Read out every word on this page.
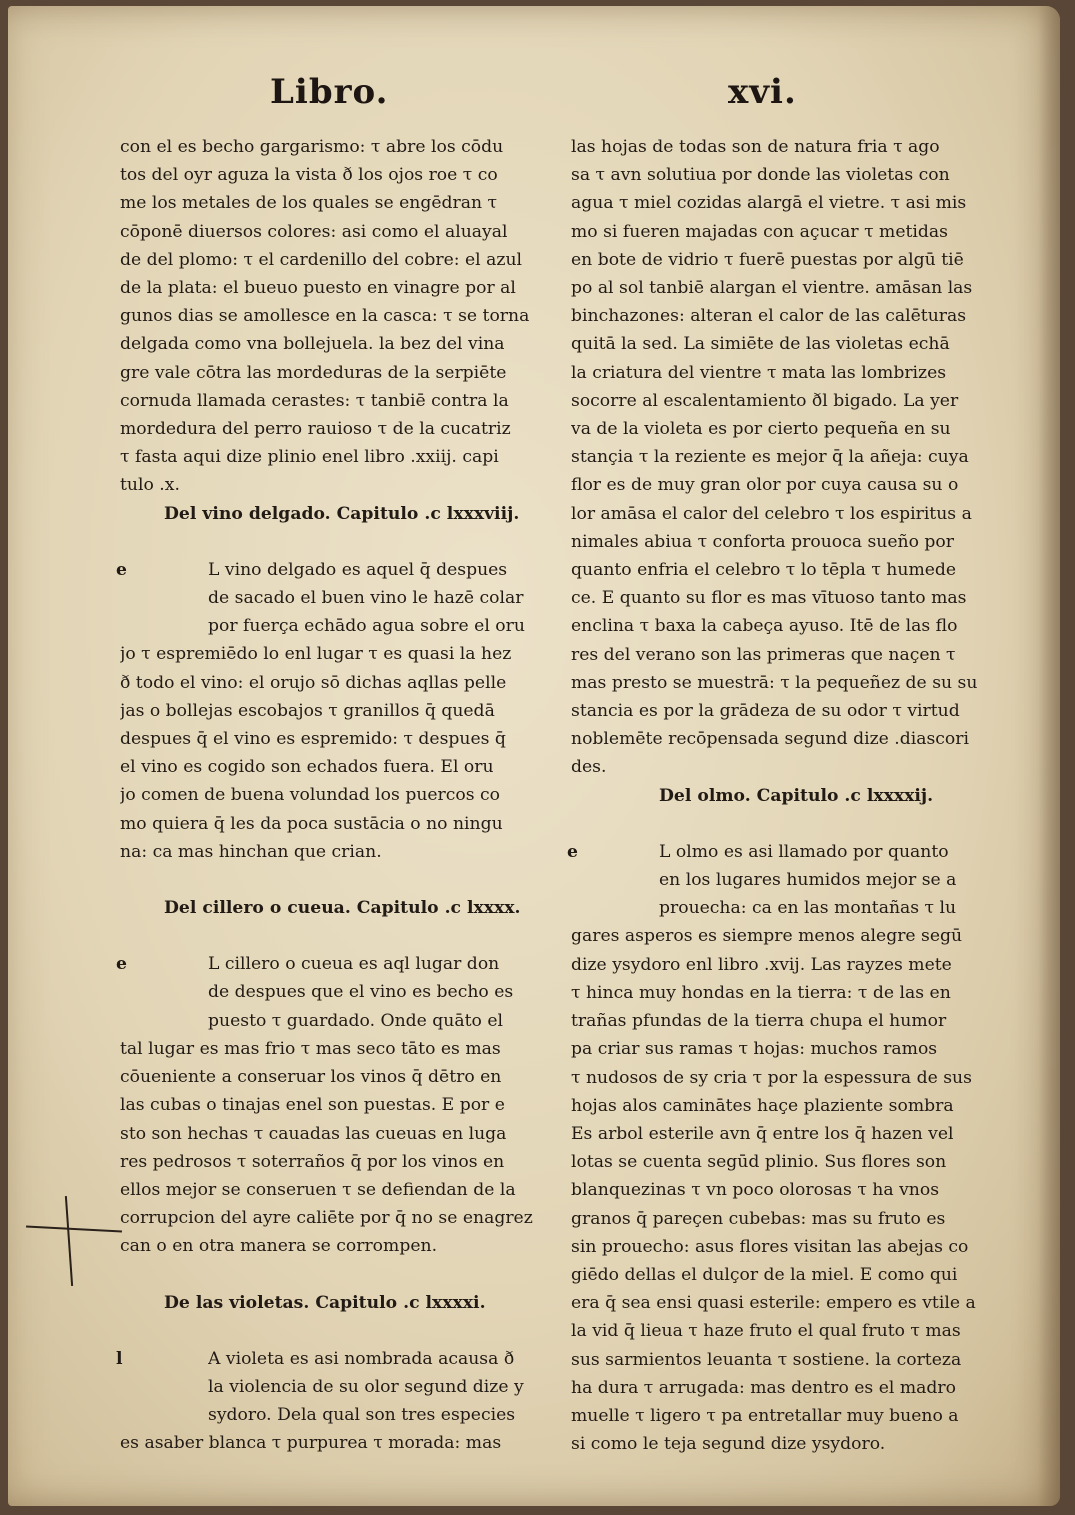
Libro.	xvi.
con el es becho gargarismo: τ abre los cōdu
tos del oyr aguza la vista ð los ojos roe τ co
me los metales de los quales se engēdran τ
cōponē diuersos colores: asi como el aluayal
de del plomo: τ el cardenillo del cobre: el azul
de la plata: el bueuo puesto en vinagre por al
gunos dias se amollesce en la casca: τ se torna
delgada como vna bollejuela. la bez del vina
gre vale cōtra las mordeduras de la serpiēte
cornuda llamada cerastes: τ tanbiē contra la
mordedura del perro rauioso τ de la cucatriz
τ fasta aqui dize plinio enel libro .xxiij. capi
tulo .x.
Del vino delgado. Capitulo .c lxxxviij.
e	L vino delgado es aquel q̄ despues
de sacado el buen vino le hazē colar
por fuerça echādo agua sobre el oru
jo τ espremiēdo lo enl lugar τ es quasi la hez
ð todo el vino: el orujo sō dichas aqllas pelle
jas o bollejas escobajos τ granillos q̄ quedā
despues q̄ el vino es espremido: τ despues q̄
el vino es cogido son echados fuera. El oru
jo comen de buena volundad los puercos co
mo quiera q̄ les da poca sustācia o no ningu
na: ca mas hinchan que crian.
Del cillero o cueua. Capitulo .c lxxxx.
e	L cillero o cueua es aql lugar don
de despues que el vino es becho es
puesto τ guardado. Onde quāto el
tal lugar es mas frio τ mas seco tāto es mas
cōueniente a conseruar los vinos q̄ dētro en
las cubas o tinajas enel son puestas. E por e
sto son hechas τ cauadas las cueuas en luga
res pedrosos τ soterraños q̄ por los vinos en
ellos mejor se conseruen τ se defiendan de la
corrupcion del ayre caliēte por q̄ no se enagrez
can o en otra manera se corrompen.
De las violetas. Capitulo .c lxxxxi.
l	A violeta es asi nombrada acausa ð
la violencia de su olor segund dize y
sydoro. Dela qual son tres especies
es asaber blanca τ purpurea τ morada: mas
las hojas de todas son de natura fria τ ago
sa τ avn solutiua por donde las violetas con
agua τ miel cozidas alargā el vietre. τ asi mis
mo si fueren majadas con açucar τ metidas
en bote de vidrio τ fuerē puestas por algū tiē
po al sol tanbiē alargan el vientre. amāsan las
binchazones: alteran el calor de las calēturas
quitā la sed. La simiēte de las violetas echā
la criatura del vientre τ mata las lombrizes
socorre al escalentamiento ðl bigado. La yer
va de la violeta es por cierto pequeña en su
stançia τ la reziente es mejor q̄ la añeja: cuya
flor es de muy gran olor por cuya causa su o
lor amāsa el calor del celebro τ los espiritus a
nimales abiua τ conforta prouoca sueño por
quanto enfria el celebro τ lo tēpla τ humede
ce. E quanto su flor es mas vītuoso tanto mas
enclina τ baxa la cabeça ayuso. Itē de las flo
res del verano son las primeras que naçen τ
mas presto se muestrā: τ la pequeñez de su su
stancia es por la grādeza de su odor τ virtud
noblemēte recōpensada segund dize .diascori
des.
Del olmo. Capitulo .c lxxxxij.
e	L olmo es asi llamado por quanto
en los lugares humidos mejor se a
prouecha: ca en las montañas τ lu
gares asperos es siempre menos alegre segū
dize ysydoro enl libro .xvij. Las rayzes mete
τ hinca muy hondas en la tierra: τ de las en
trañas pfundas de la tierra chupa el humor
pa criar sus ramas τ hojas: muchos ramos
τ nudosos de sy cria τ por la espessura de sus
hojas alos caminātes haçe plaziente sombra
Es arbol esterile avn q̄ entre los q̄ hazen vel
lotas se cuenta segūd plinio. Sus flores son
blanquezinas τ vn poco olorosas τ ha vnos
granos q̄ pareçen cubebas: mas su fruto es
sin prouecho: asus flores visitan las abejas co
giēdo dellas el dulçor de la miel. E como qui
era q̄ sea ensi quasi esterile: empero es vtile a
la vid q̄ lieua τ haze fruto el qual fruto τ mas
sus sarmientos leuanta τ sostiene. la corteza
ha dura τ arrugada: mas dentro es el madro
muelle τ ligero τ pa entretallar muy bueno a
si como le teja segund dize ysydoro.
